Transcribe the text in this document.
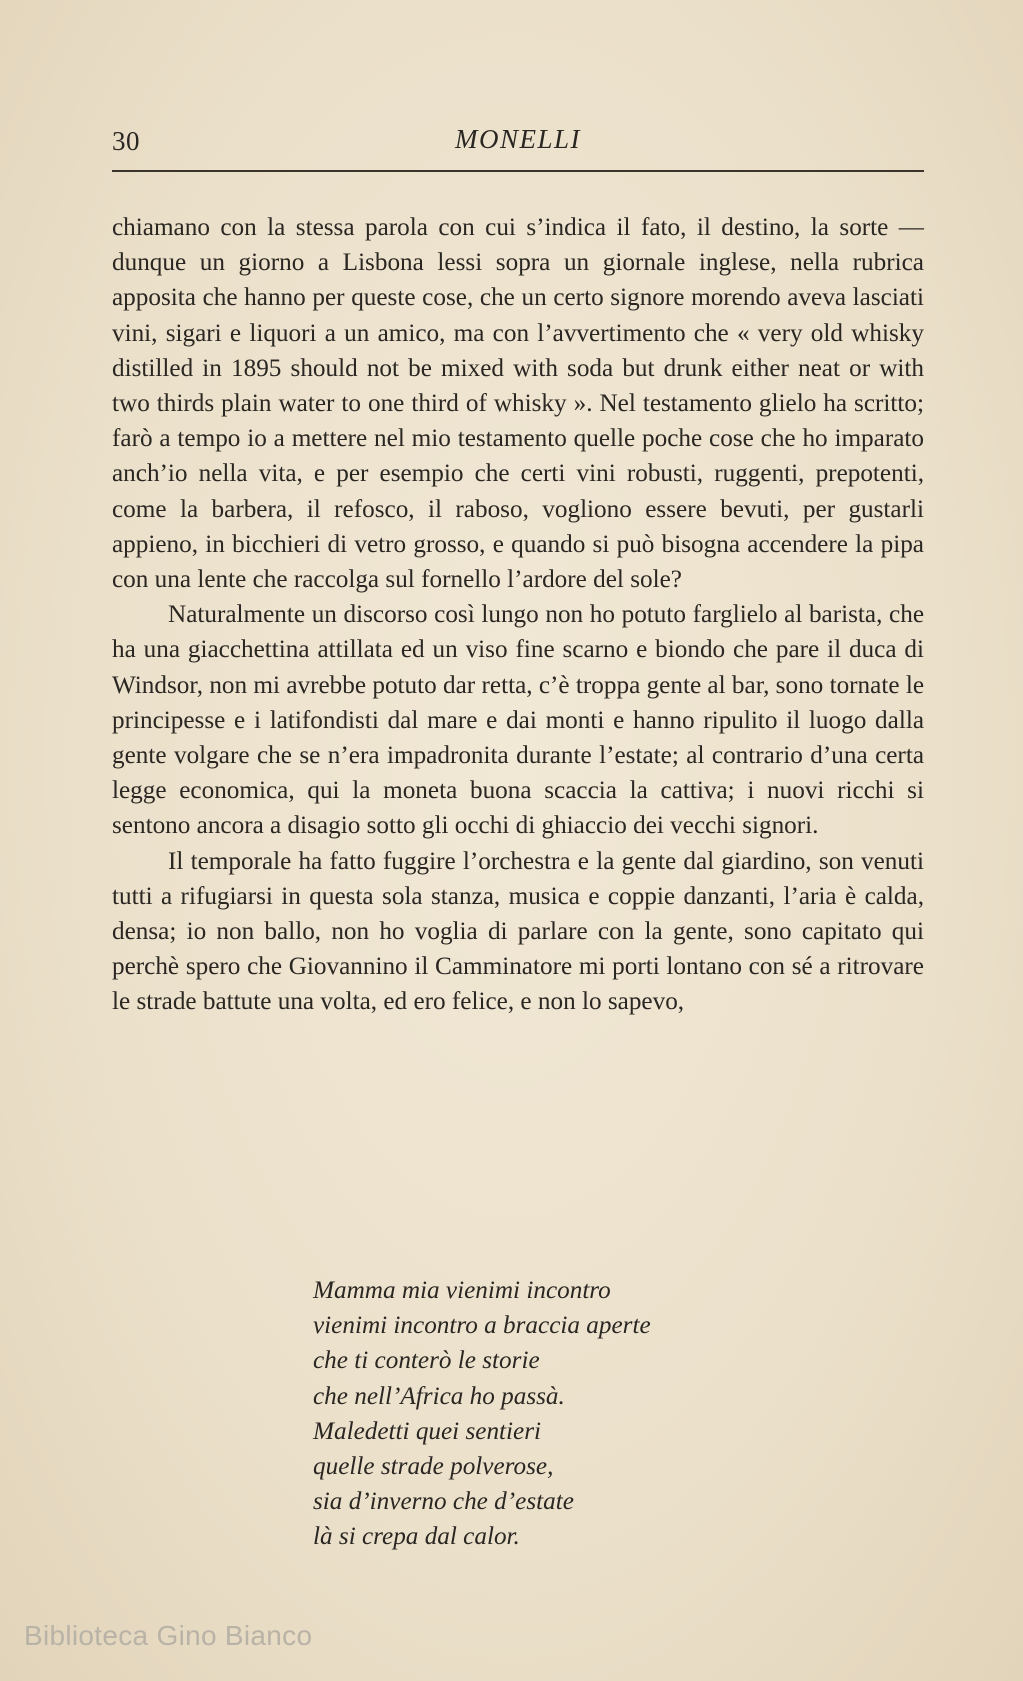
30	MONELLI

chiamano con la stessa parola con cui s’indica il fato, il destino, la sorte — dunque un giorno a Lisbona lessi sopra un giornale inglese, nella rubrica apposita che hanno per queste cose, che un certo signore morendo aveva lasciati vini, sigari e liquori a un amico, ma con l’avvertimento che « very old whisky distilled in 1895 should not be mixed with soda but drunk either neat or with two thirds plain water to one third of whisky ». Nel testamento glielo ha scritto; farò a tempo io a mettere nel mio testamento quelle poche cose che ho imparato anch’io nella vita, e per esempio che certi vini robusti, ruggenti, prepotenti, come la barbera, il refosco, il raboso, vogliono essere bevuti, per gustarli appieno, in bicchieri di vetro grosso, e quando si può bisogna accendere la pipa con una lente che raccolga sul fornello l’ardore del sole?

Naturalmente un discorso così lungo non ho potuto farglielo al barista, che ha una giacchettina attillata ed un viso fine scarno e biondo che pare il duca di Windsor, non mi avrebbe potuto dar retta, c’è troppa gente al bar, sono tornate le principesse e i latifondisti dal mare e dai monti e hanno ripulito il luogo dalla gente volgare che se n’era impadronita durante l’estate; al contrario d’una certa legge economica, qui la moneta buona scaccia la cattiva; i nuovi ricchi si sentono ancora a disagio sotto gli occhi di ghiaccio dei vecchi signori.

Il temporale ha fatto fuggire l’orchestra e la gente dal giardino, son venuti tutti a rifugiarsi in questa sola stanza, musica e coppie danzanti, l’aria è calda, densa; io non ballo, non ho voglia di parlare con la gente, sono capitato qui perchè spero che Giovannino il Camminatore mi porti lontano con sé a ritrovare le strade battute una volta, ed ero felice, e non lo sapevo,

Mamma mia vienimi incontro
vienimi incontro a braccia aperte
che ti conterò le storie
che nell’Africa ho passà.
Maledetti quei sentieri
quelle strade polverose,
sia d’inverno che d’estate
là si crepa dal calor.
Biblioteca Gino Bianco
